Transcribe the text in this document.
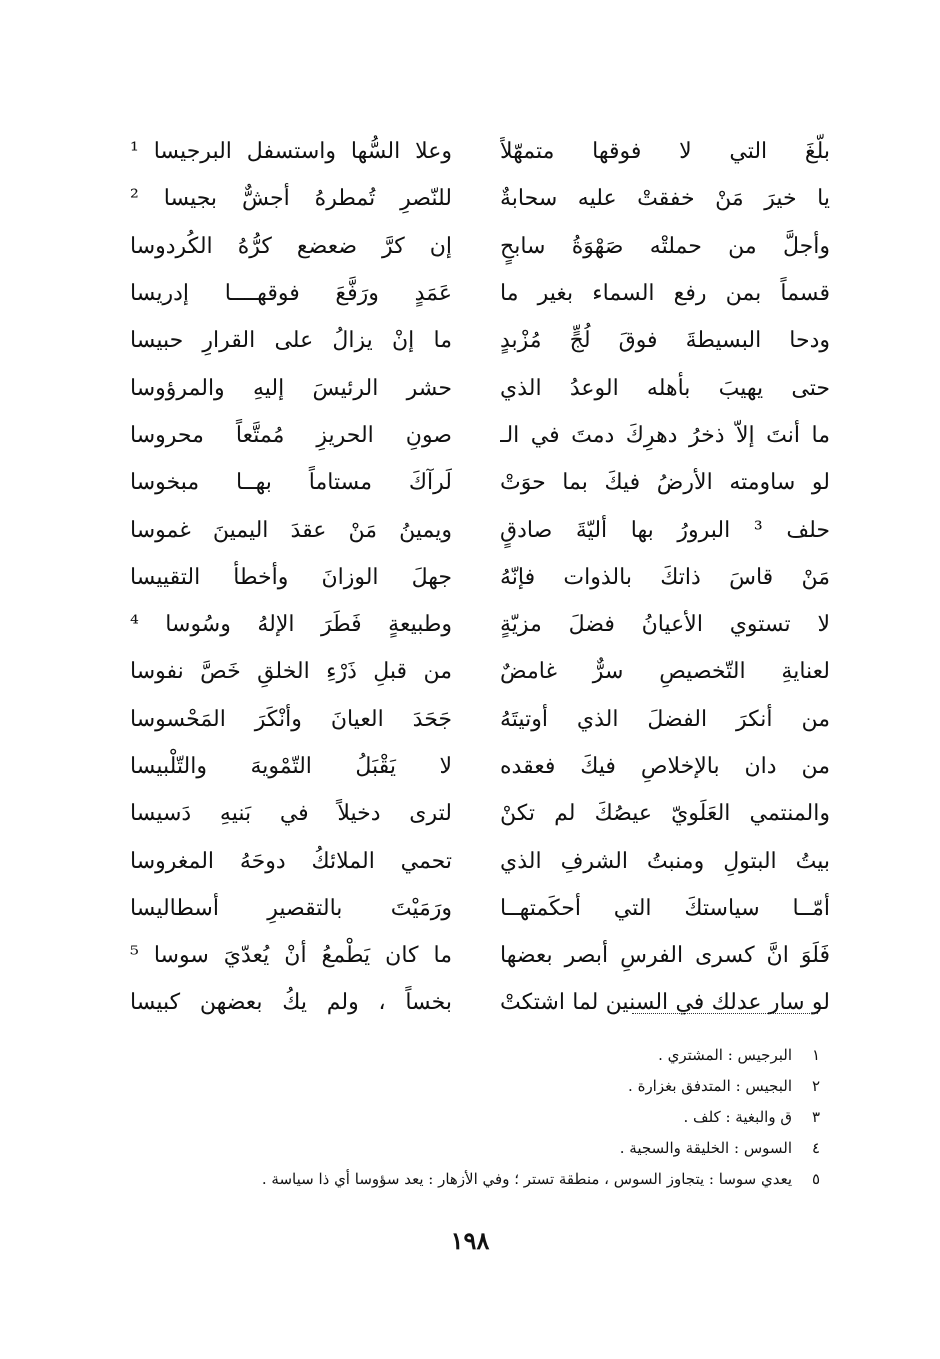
بلّغَ التي لا فوقها متمهّلاً
وعلا السُّها واستسفل البرجيسا ¹
يا خيرَ مَنْ خفقتْ عليه سحابةٌ
للنّصرِ تُمطرهُ أجشٌّ بجيسا ²
وأجلَّ من حملتْه صَهْوَةُ سابحٍ
إن كرَّ ضعضع كرُّهُ الكُردوسا
قسماً بمن رفع السماء بغير ما
عَمَدٍ ورَفَّعَ فوقهــــا إدريسا
ودحا البسيطةَ فوقَ لُجٍّ مُزْبدٍ
ما إنْ يزالُ على القرارِ حبيسا
حتى يهيبَ بأهله الوعدُ الذي
حشر الرئيسَ إليهِ والمرؤوسا
ما أنتَ إلاّ ذخرُ دهرِكَ دمتَ في الـ
صونِ الحريزِ مُمتَّعاً محروسا
لو ساومته الأرضُ فيكَ بما حوَتْ
لَرآكَ مستاماً بهــا مبخوسا
حلف ³ البرورُ بها أليّةَ صادقٍ
ويمينُ مَنْ عقدَ اليمينَ غموسا
مَنْ قاسَ ذاتكَ بالذوات فإنّهُ
جهلَ الوزانَ وأخطأ التقييسا
لا تستوي الأعيانُ فضلَ مزيّةٍ
وطبيعةٍ فَطَرَ الإلهُ وسُوسا ⁴
لعنايةِ التّخصيصِ سرٌّ غامضٌ
من قبلِ ذَرْءِ الخلقِ خَصَّ نفوسا
من أنكرَ الفضلَ الذي أوتيتَهُ
جَحَدَ العيانَ وأنْكَرَ المَحْسوسا
من دان بالإخلاصِ فيكَ فعقده
لا يَقْبَلُ التّمْويهَ والتّلْبيسا
والمنتمي العَلَويّ عيصُكَ لم تكنْ
لترى دخيلاً في بَنيهِ دَسيسا
بيتُ البتولِ ومنبتُ الشرفِ الذي
تحمي الملائكُ دوحَهُ المغروسا
أمّــا سياستكَ التي أحكَمتهــا
ورَمَيْتَ بالتقصيرِ أسطاليسا
فَلَوَ انَّ كسرى الفرسِ أبصر بعضها
ما كان يَطْمعُ أنْ يُعدّيَ سوسا ⁵
لو سار عدلك في السنين لما اشتكتْ
بخساً ، ولم يكُ بعضهن كبيسا
١
البرجيس : المشتري .
٢
البجيس : المتدفق بغزارة .
٣
ق والبغية : كلف .
٤
السوس : الخليقة والسجية .
٥
يعدي سوسا : يتجاوز السوس ، منطقة تستر ؛ وفي الأزهار : يعد سؤوسا أي ذا سياسة .
١٩٨
